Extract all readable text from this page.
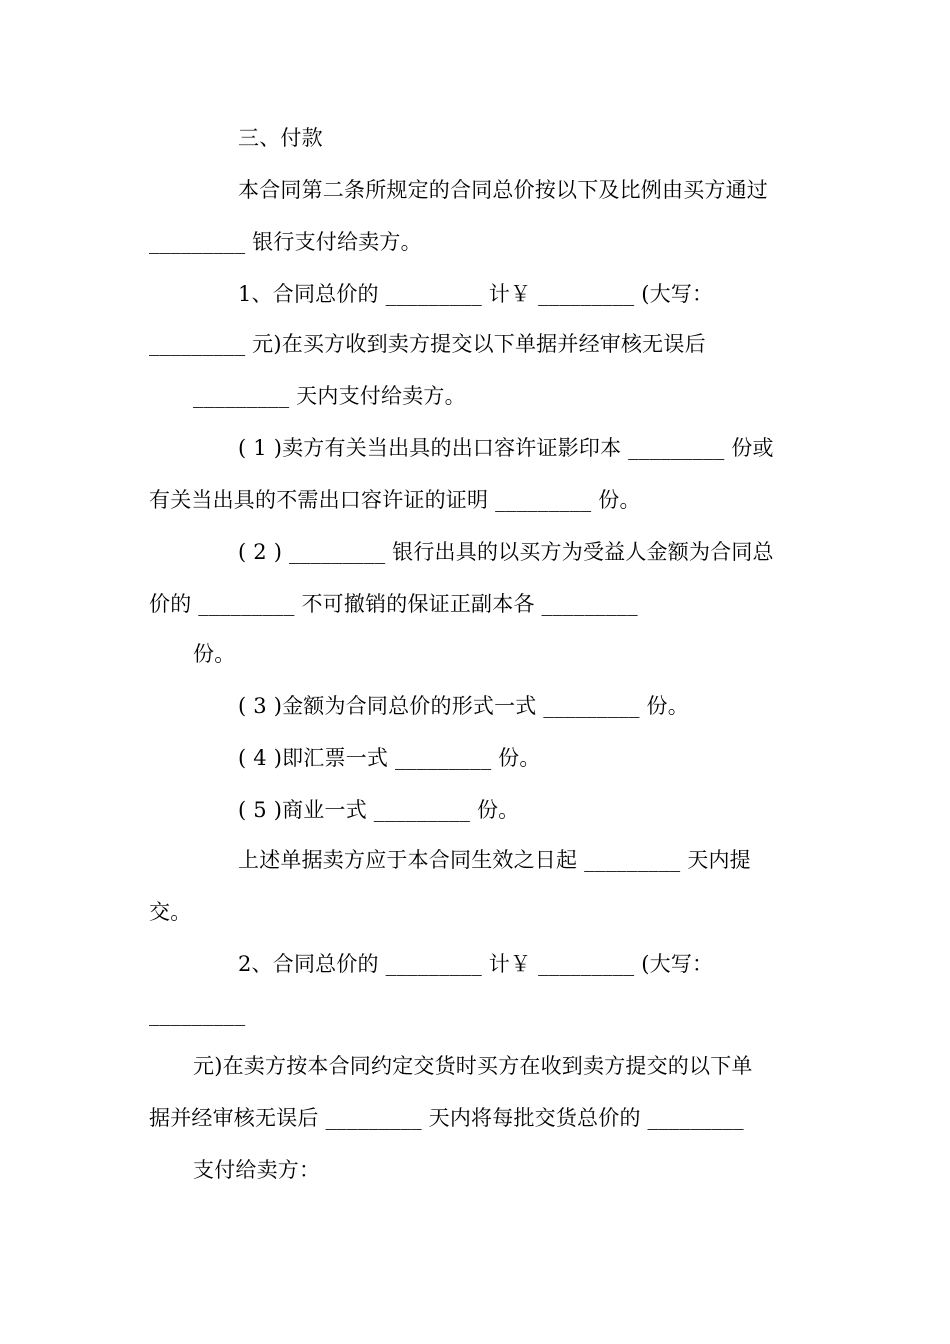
三、付款
本合同第二条所规定的合同总价按以下及比例由买方通过
_________ 银行支付给卖方。
1、合同总价的 _________ 计￥ _________ (大写：
_________ 元)在买方收到卖方提交以下单据并经审核无误后
_________ 天内支付给卖方。
( 1 )卖方有关当出具的出口容许证影印本 _________ 份或
有关当出具的不需出口容许证的证明 _________ 份。
( 2 ) _________ 银行出具的以买方为受益人金额为合同总
价的 _________ 不可撤销的保证正副本各 _________
份。
( 3 )金额为合同总价的形式一式 _________ 份。
( 4 )即汇票一式 _________ 份。
( 5 )商业一式 _________ 份。
上述单据卖方应于本合同生效之日起 _________ 天内提
交。
2、合同总价的 _________ 计￥ _________ (大写：
_________
元)在卖方按本合同约定交货时买方在收到卖方提交的以下单
据并经审核无误后 _________ 天内将每批交货总价的 _________
支付给卖方：
